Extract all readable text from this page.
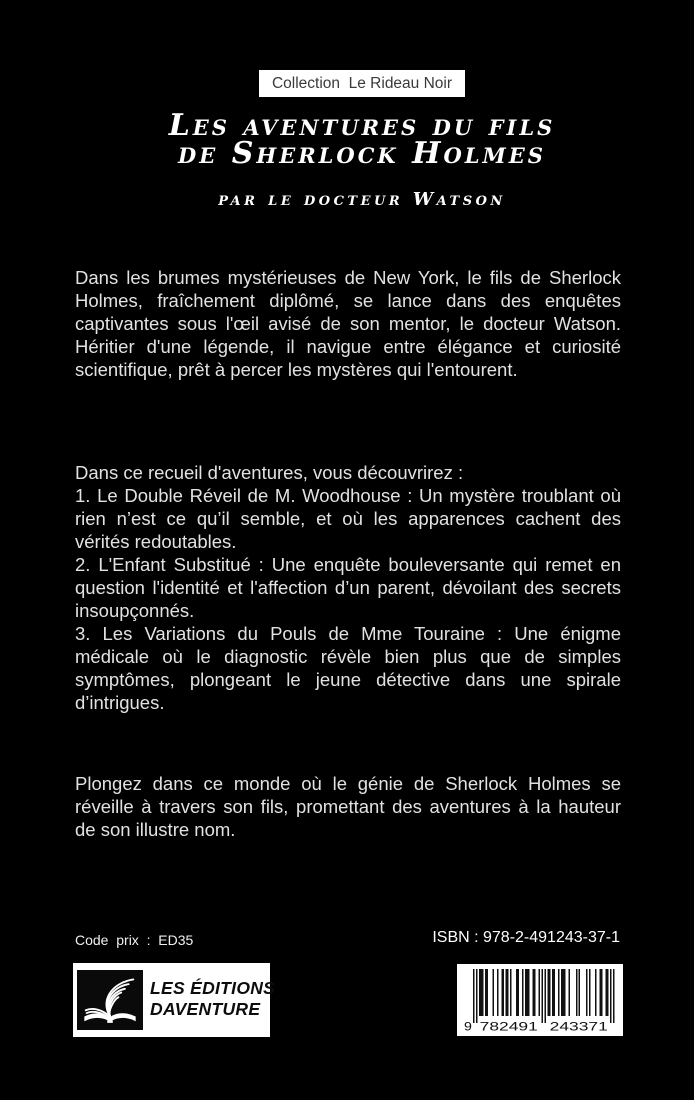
Collection  Le Rideau Noir
Les aventures du fils
de Sherlock Holmes
par le docteur Watson

Dans les brumes mystérieuses de New York, le fils de Sherlock Holmes, fraîchement diplômé, se lance dans des enquêtes captivantes sous l'œil avisé de son mentor, le docteur Watson. Héritier d'une légende, il navigue entre élégance et curiosité scientifique, prêt à percer les mystères qui l'entourent.

Dans ce recueil d'aventures, vous découvrirez :

1. Le Double Réveil de M. Woodhouse : Un mystère troublant où rien n’est ce qu’il semble, et où les apparences cachent des vérités redoutables.

2. L'Enfant Substitué : Une enquête bouleversante qui remet en question l'identité et l'affection d’un parent, dévoilant des secrets insoupçonnés.

3. Les Variations du Pouls de Mme Touraine : Une énigme médicale où le diagnostic révèle bien plus que de simples symptômes, plongeant le jeune détective dans une spirale d’intrigues.

Plongez dans ce monde où le génie de Sherlock Holmes se réveille à travers son fils, promettant des aventures à la hauteur de son illustre nom.

Code  prix  :  ED35	ISBN : 978-2-491243-37-1
LES ÉDITIONS
DAVENTURE
9 782491 243371
